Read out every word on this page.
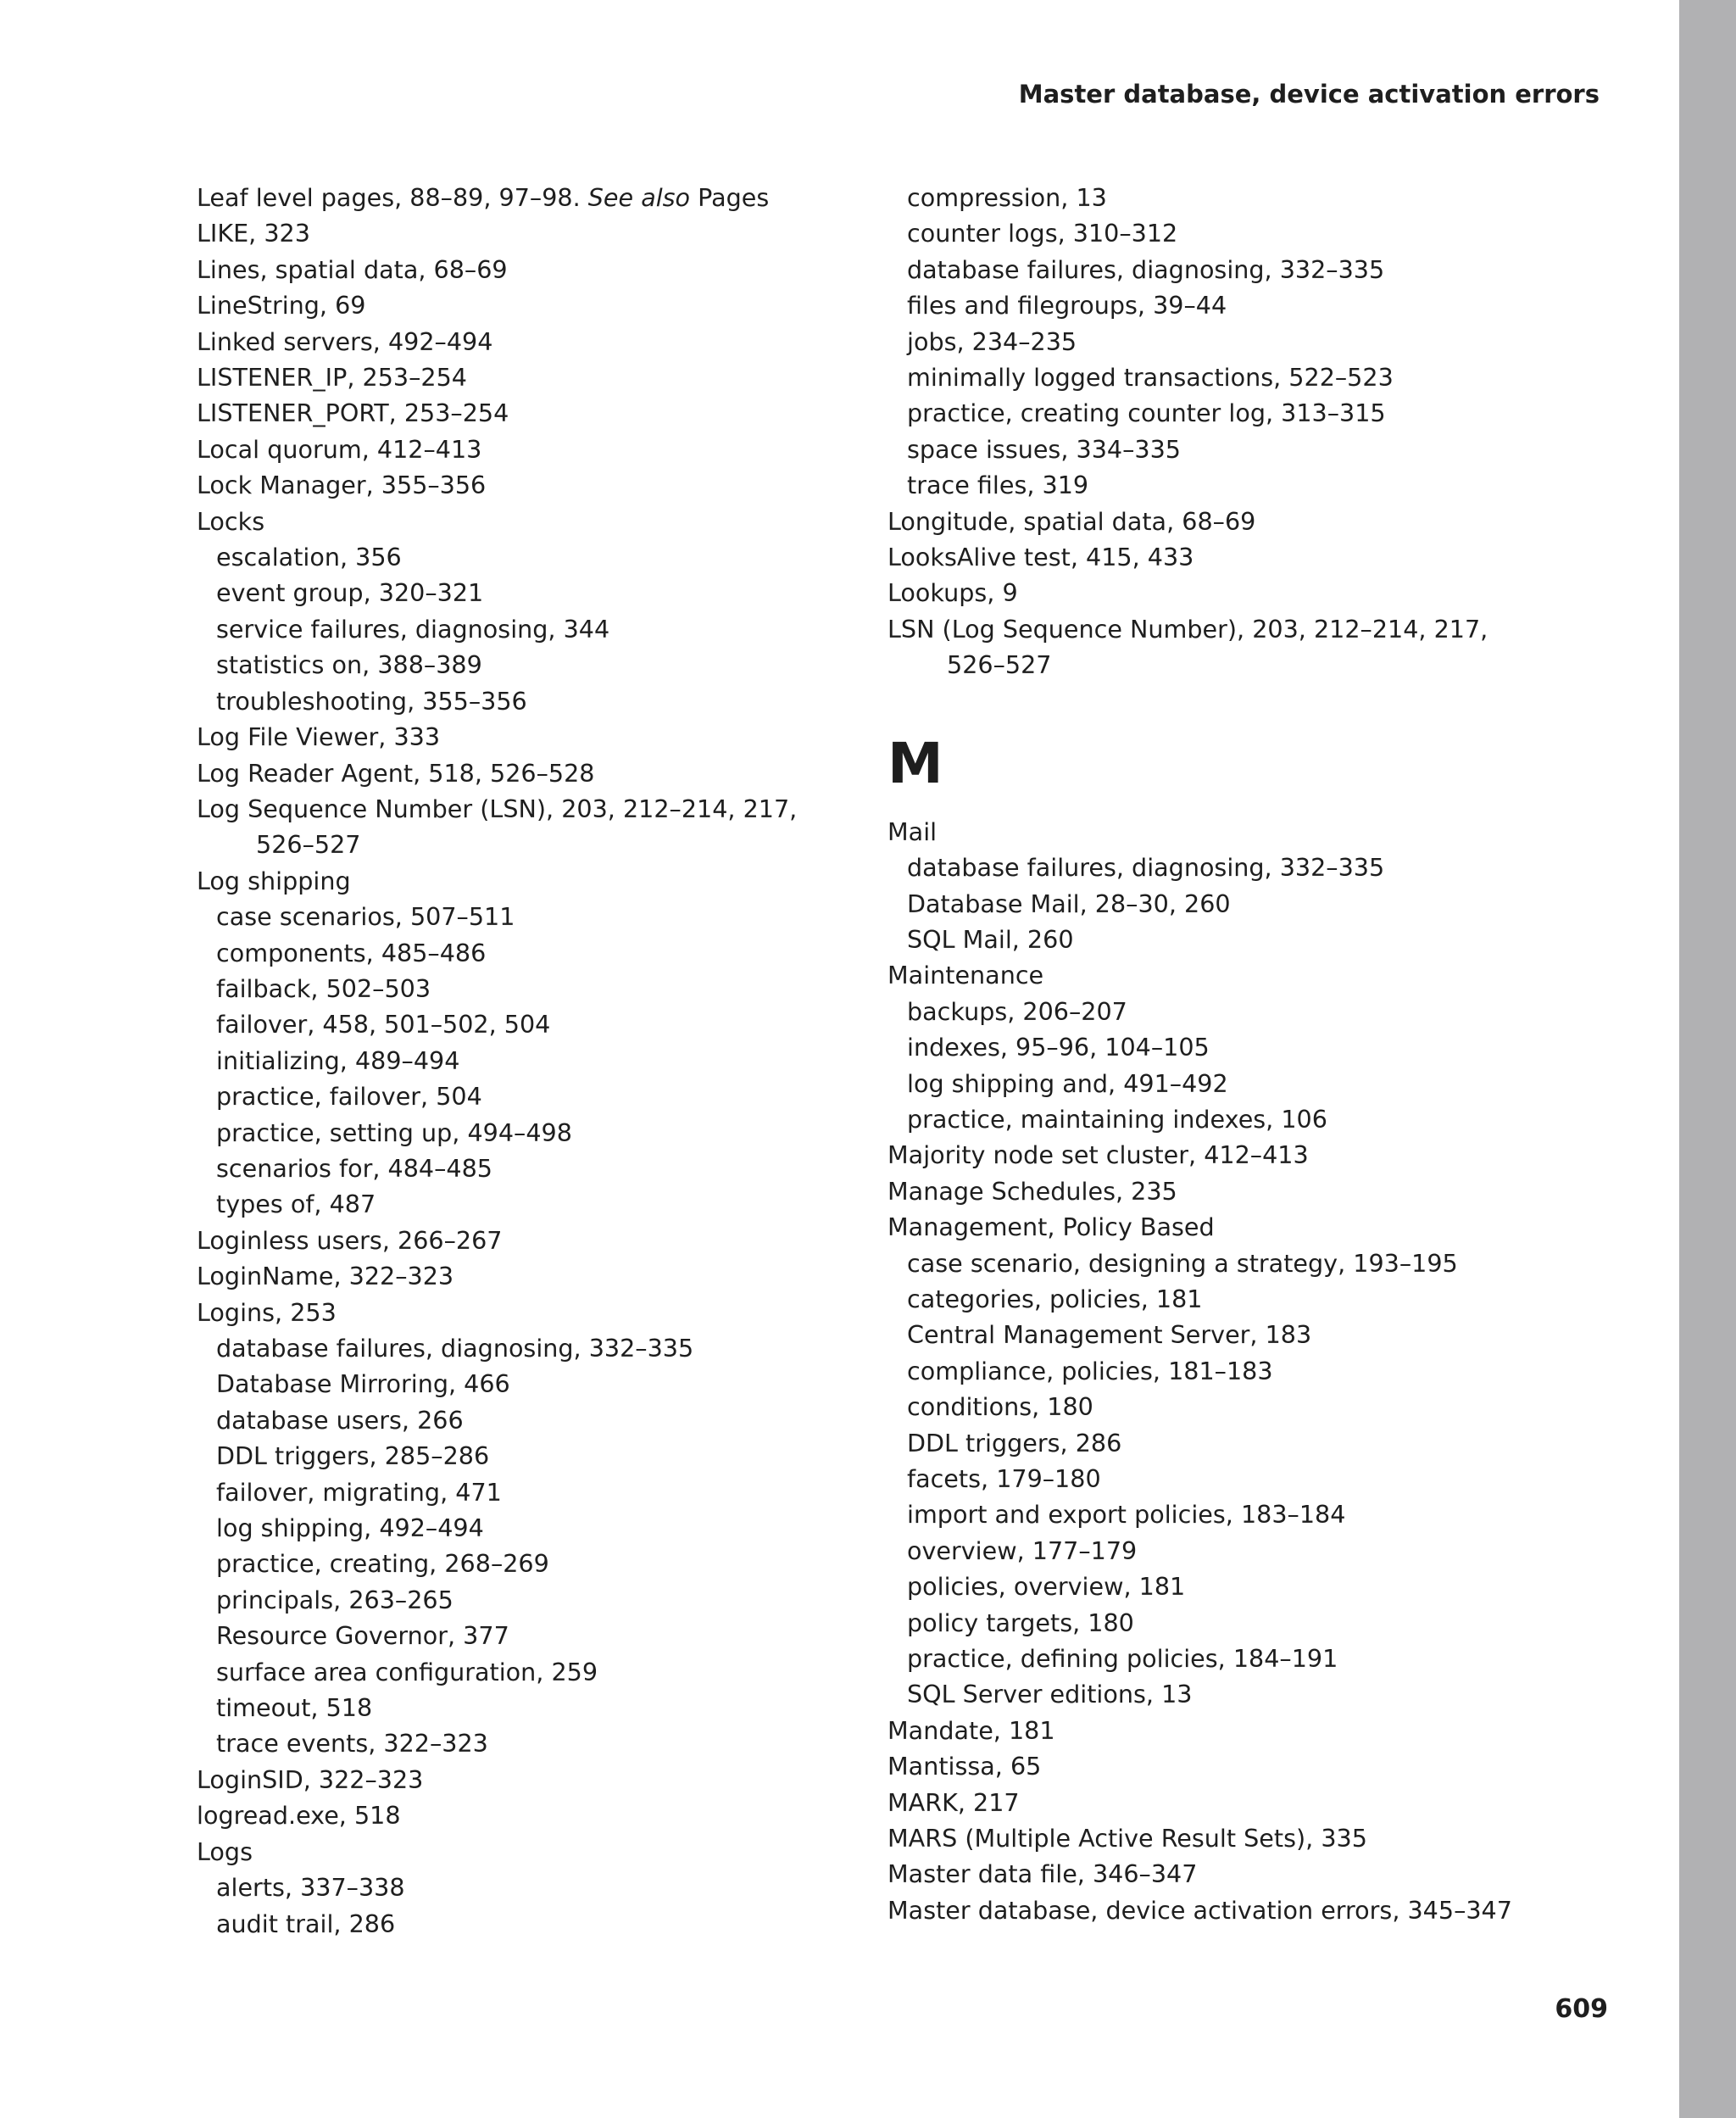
Master database, device activation errors
Leaf level pages, 88–89, 97–98. See also Pages
LIKE, 323
Lines, spatial data, 68–69
LineString, 69
Linked servers, 492–494
LISTENER_IP, 253–254
LISTENER_PORT, 253–254
Local quorum, 412–413
Lock Manager, 355–356
Locks
escalation, 356
event group, 320–321
service failures, diagnosing, 344
statistics on, 388–389
troubleshooting, 355–356
Log File Viewer, 333
Log Reader Agent, 518, 526–528
Log Sequence Number (LSN), 203, 212–214, 217,
526–527
Log shipping
case scenarios, 507–511
components, 485–486
failback, 502–503
failover, 458, 501–502, 504
initializing, 489–494
practice, failover, 504
practice, setting up, 494–498
scenarios for, 484–485
types of, 487
Loginless users, 266–267
LoginName, 322–323
Logins, 253
database failures, diagnosing, 332–335
Database Mirroring, 466
database users, 266
DDL triggers, 285–286
failover, migrating, 471
log shipping, 492–494
practice, creating, 268–269
principals, 263–265
Resource Governor, 377
surface area configuration, 259
timeout, 518
trace events, 322–323
LoginSID, 322–323
logread.exe, 518
Logs
alerts, 337–338
audit trail, 286
compression, 13
counter logs, 310–312
database failures, diagnosing, 332–335
files and filegroups, 39–44
jobs, 234–235
minimally logged transactions, 522–523
practice, creating counter log, 313–315
space issues, 334–335
trace files, 319
Longitude, spatial data, 68–69
LooksAlive test, 415, 433
Lookups, 9
LSN (Log Sequence Number), 203, 212–214, 217,
526–527
M
Mail
database failures, diagnosing, 332–335
Database Mail, 28–30, 260
SQL Mail, 260
Maintenance
backups, 206–207
indexes, 95–96, 104–105
log shipping and, 491–492
practice, maintaining indexes, 106
Majority node set cluster, 412–413
Manage Schedules, 235
Management, Policy Based
case scenario, designing a strategy, 193–195
categories, policies, 181
Central Management Server, 183
compliance, policies, 181–183
conditions, 180
DDL triggers, 286
facets, 179–180
import and export policies, 183–184
overview, 177–179
policies, overview, 181
policy targets, 180
practice, defining policies, 184–191
SQL Server editions, 13
Mandate, 181
Mantissa, 65
MARK, 217
MARS (Multiple Active Result Sets), 335
Master data file, 346–347
Master database, device activation errors, 345–347
609
